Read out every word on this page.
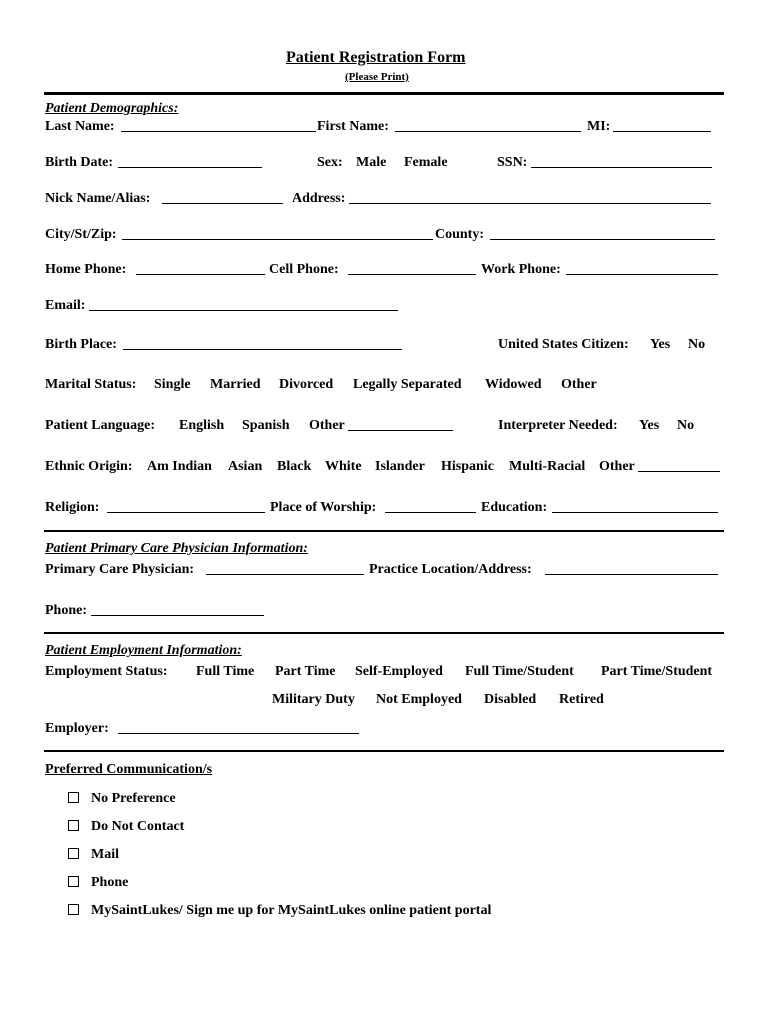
Patient Registration Form
(Please Print)
Patient Demographics:
Last Name:	First Name:	MI:
Birth Date:	Sex: Male Female	SSN:
Nick Name/Alias:	Address:
City/St/Zip:	County:
Home Phone:	Cell Phone:	Work Phone:
Email:
Birth Place:	United States Citizen: Yes No
Marital Status: Single Married Divorced Legally Separated Widowed Other
Patient Language: English Spanish Other	Interpreter Needed: Yes No
Ethnic Origin: Am Indian Asian Black White Islander Hispanic Multi-Racial Other
Religion:	Place of Worship:	Education:
Patient Primary Care Physician Information:
Primary Care Physician:	Practice Location/Address:
Phone:
Patient Employment Information:
Employment Status: Full Time Part Time Self-Employed Full Time/Student Part Time/Student
Military Duty Not Employed Disabled Retired
Employer:
Preferred Communication/s
No Preference
Do Not Contact
Mail
Phone
MySaintLukes/ Sign me up for MySaintLukes online patient portal
